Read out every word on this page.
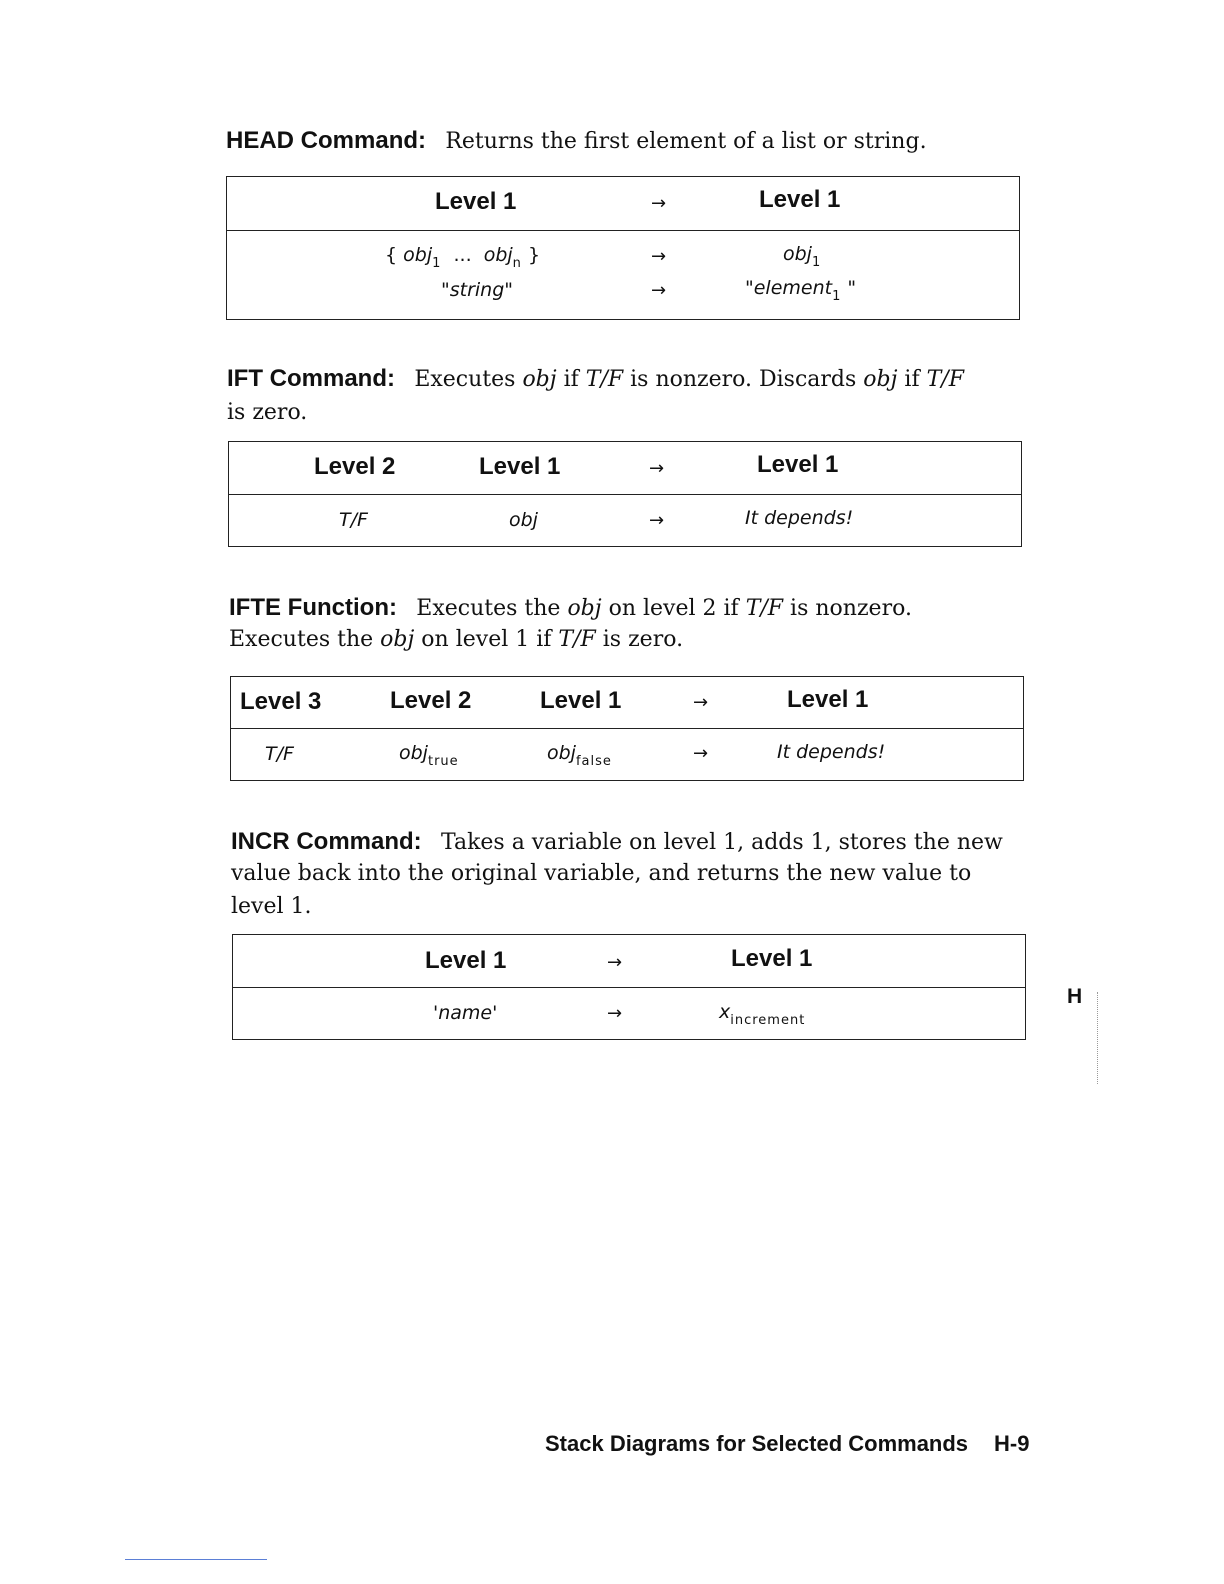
HEAD Command: Returns the first element of a list or string.

Level 1	→	Level 1
{ obj$_1$ ... obj$_n$ }	→	obj$_1$
"string"	→	"element$_1$ "

IFT Command: Executes obj if T/F is nonzero. Discards obj if T/F

is zero.

Level 2	Level 1	→	Level 1
T/F	obj	→	It depends!

IFTE Function: Executes the obj on level 2 if T/F is nonzero.

Executes the obj on level 1 if T/F is zero.

Level 3	Level 2	Level 1	→	Level 1
T/F	obj$_{true}$	obj$_{false}$	→	It depends!

INCR Command: Takes a variable on level 1, adds 1, stores the new

value back into the original variable, and returns the new value to

level 1.

Level 1	→	Level 1
'name'	→	$x_{increment}$
H
Stack Diagrams for Selected Commands H-9
